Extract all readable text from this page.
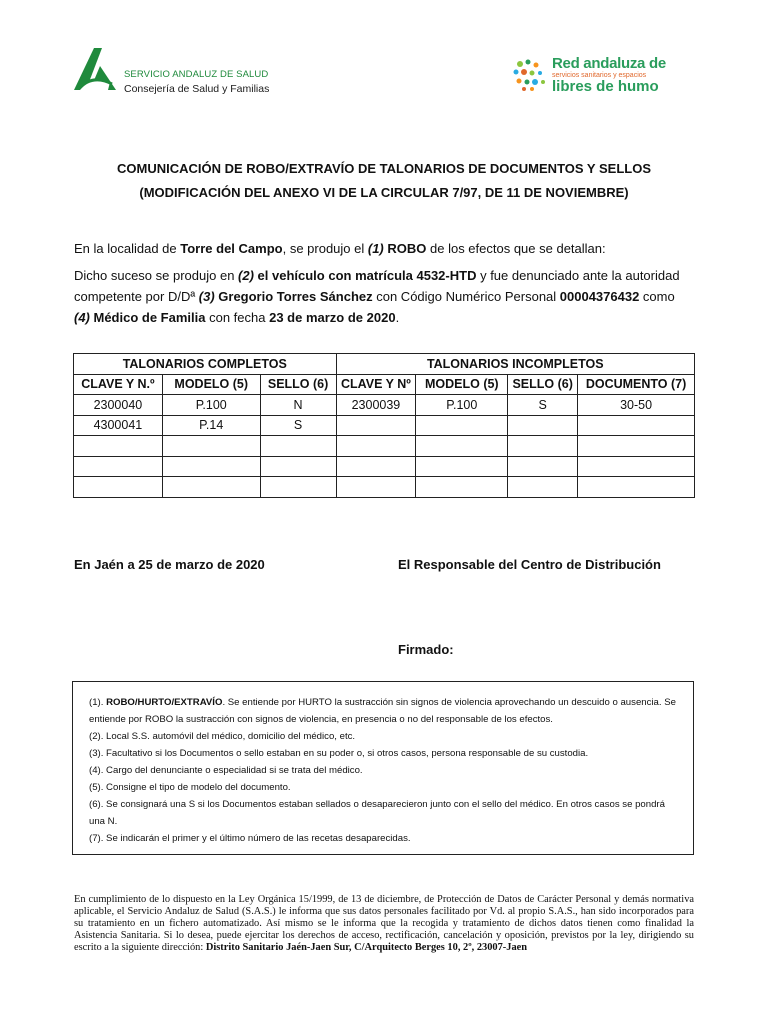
SERVICIO ANDALUZ DE SALUD
Consejería de Salud y Familias
Red andaluza de
servicios sanitarios y espacios
libres de humo
COMUNICACIÓN DE ROBO/EXTRAVÍO DE TALONARIOS DE DOCUMENTOS Y SELLOS
(MODIFICACIÓN DEL ANEXO VI DE LA CIRCULAR 7/97, DE 11 DE NOVIEMBRE)
En la localidad de Torre del Campo, se produjo el (1) ROBO de los efectos que se detallan:
Dicho suceso se produjo en (2) el vehículo con matrícula 4532-HTD y fue denunciado ante la autoridad competente por D/Dª (3) Gregorio Torres Sánchez con Código Numérico Personal 00004376432 como (4) Médico de Familia con fecha 23 de marzo de 2020.
TALONARIOS COMPLETOS			TALONARIOS INCOMPLETOS			
CLAVE Y N.º	MODELO (5)	SELLO (6)	CLAVE Y Nº	MODELO (5)	SELLO (6)	DOCUMENTO (7)
2300040	P.100	N	2300039	P.100	S	30-50
4300041	P.14	S				

En Jaén a 25 de marzo de 2020	El Responsable del Centro de Distribución
Firmado:

(1). ROBO/HURTO/EXTRAVÍO. Se entiende por HURTO la sustracción sin signos de violencia aprovechando un descuido o ausencia. Se entiende por ROBO la sustracción con signos de violencia, en presencia o no del responsable de los efectos.

(2). Local S.S. automóvil del médico, domicilio del médico, etc.

(3). Facultativo si los Documentos o sello estaban en su poder o, si otros casos, persona responsable de su custodia.

(4). Cargo del denunciante o especialidad si se trata del médico.

(5). Consigne el tipo de modelo del documento.

(6). Se consignará una S si los Documentos estaban sellados o desaparecieron junto con el sello del médico. En otros casos se pondrá una N.

(7). Se indicarán el primer y el último número de las recetas desaparecidas.

En cumplimiento de lo dispuesto en la Ley Orgánica 15/1999, de 13 de diciembre, de Protección de Datos de Carácter Personal y demás normativa aplicable, el Servicio Andaluz de Salud (S.A.S.) le informa que sus datos personales facilitado por Vd. al propio S.A.S., han sido incorporados para su tratamiento en un fichero automatizado. Así mismo se le informa que la recogida y tratamiento de dichos datos tienen como finalidad la Asistencia Sanitaria. Si lo desea, puede ejercitar los derechos de acceso, rectificación, cancelación y oposición, previstos por la ley, dirigiendo su escrito a la siguiente dirección: Distrito Sanitario Jaén-Jaen Sur, C/Arquitecto Berges 10, 2º, 23007-Jaen
